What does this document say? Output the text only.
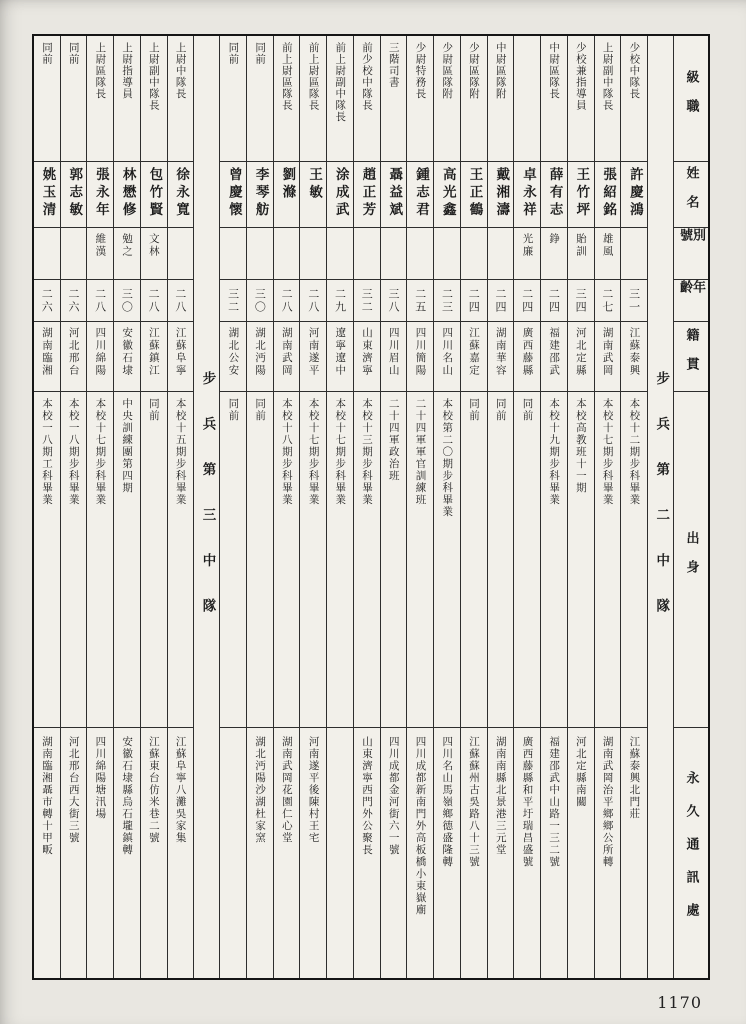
級職
姓名
別號
年齡
籍貫
出身
永久通訊處
步兵第二中隊
少校中隊長
許慶鴻
三一
江蘇泰興
本校十二期步科畢業
江蘇泰興北門莊
上尉副中隊長
張紹銘
雄風
二七
湖南武岡
本校十七期步科畢業
湖南武岡治平鄉鄉公所轉
少校兼指導員
王竹坪
貽訓
三四
河北定縣
本校高教班十一期
河北定縣南關
中尉區隊長
薛有志
錚
二四
福建邵武
本校十九期步科畢業
福建邵武中山路一三二號
卓永祥
光廉
二四
廣西藤縣
同前
廣西藤縣和平圩瑞昌盛號
中尉區隊附
戴湘濤
二四
湖南華容
同前
湖南南縣北景港三元堂
少尉區隊附
王正鶴
二四
江蘇嘉定
同前
江蘇蘇州古吳路八十三號
少尉區隊附
高光鑫
二三
四川名山
本校第二〇期步科畢業
四川名山馬嶺鄉德盛隆轉
少尉特務長
鍾志君
二五
四川簡陽
二十四軍軍官訓練班
四川成都新南門外高板橋小東嶽廟
三階司書
聶益斌
三八
四川眉山
二十四軍政治班
四川成都金河街六一號
前少校中隊長
趙正芳
三二
山東濟寧
本校十三期步科畢業
山東濟寧西門外公聚長
前上尉副中隊長
涂成武
二九
遼寧遼中
本校十七期步科畢業
前上尉區隊長
王敏
二八
河南遂平
本校十七期步科畢業
河南遂平後陳村王宅
前上尉區隊長
劉滌
二八
湖南武岡
本校十八期步科畢業
湖南武岡花園仁心堂
同前
李琴舫
三〇
湖北沔陽
同前
湖北沔陽沙湖杜家窯
同前
曾慶懷
三二
湖北公安
同前
步兵第三中隊
上尉中隊長
徐永寬
二八
江蘇阜寧
本校十五期步科畢業
江蘇阜寧八灘吳家集
上尉副中隊長
包竹賢
文林
二八
江蘇鎮江
同前
江蘇東台仿米巷二號
上尉指導員
林懋修
勉之
三〇
安徽石埭
中央訓練團第四期
安徽石埭縣烏石壠鎮轉
上尉區隊長
張永年
維漢
二八
四川綿陽
本校十七期步科畢業
四川綿陽塘汛場
同前
郭志敏
二六
河北邢台
本校一八期步科畢業
河北邢台西大街三號
同前
姚玉清
二六
湖南臨湘
本校一八期工科畢業
湖南臨湘聶市轉十甲畈
1170
